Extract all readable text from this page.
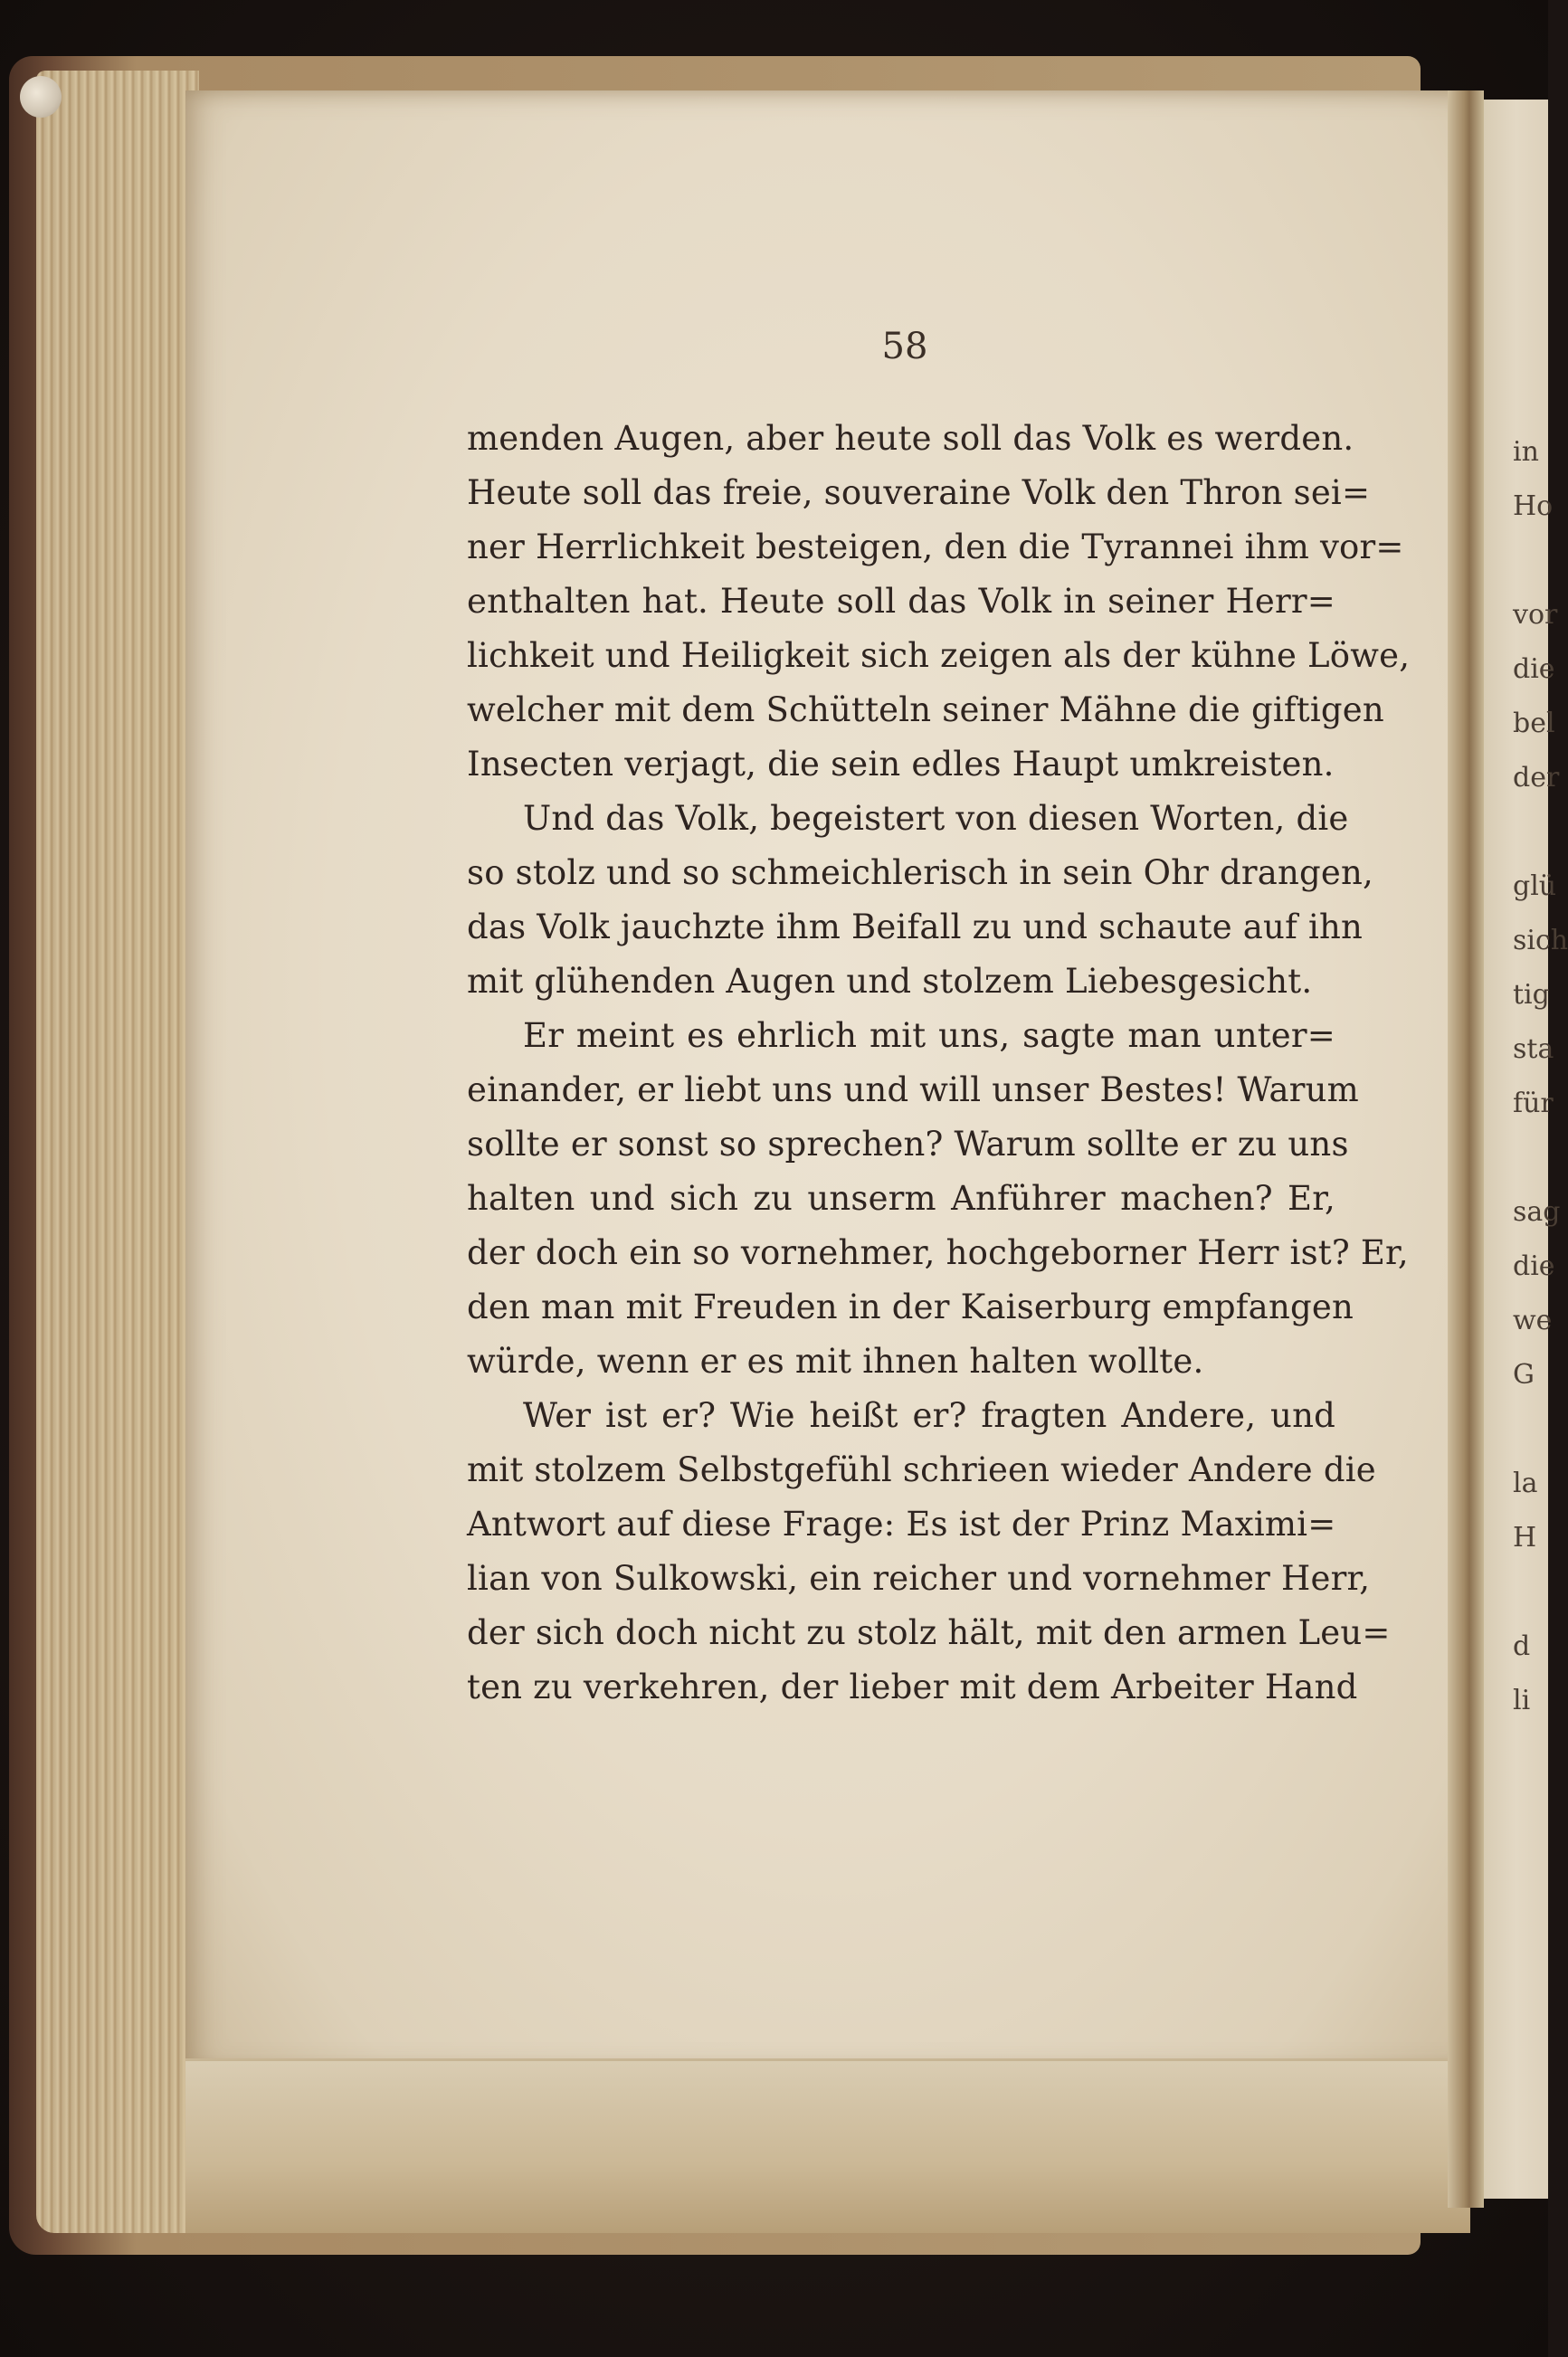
58
menden Augen, aber heute soll das Volk es werden.
Heute soll das freie, souveraine Volk den Thron sei=
ner Herrlichkeit besteigen, den die Tyrannei ihm vor=
enthalten hat. Heute soll das Volk in seiner Herr=
lichkeit und Heiligkeit sich zeigen als der kühne Löwe,
welcher mit dem Schütteln seiner Mähne die giftigen
Insecten verjagt, die sein edles Haupt umkreisten.
Und das Volk, begeistert von diesen Worten, die
so stolz und so schmeichlerisch in sein Ohr drangen,
das Volk jauchzte ihm Beifall zu und schaute auf ihn
mit glühenden Augen und stolzem Liebesgesicht.
Er meint es ehrlich mit uns, sagte man unter=
einander, er liebt uns und will unser Bestes! Warum
sollte er sonst so sprechen? Warum sollte er zu uns
halten und sich zu unserm Anführer machen? Er,
der doch ein so vornehmer, hochgeborner Herr ist? Er,
den man mit Freuden in der Kaiserburg empfangen
würde, wenn er es mit ihnen halten wollte.
Wer ist er? Wie heißt er? fragten Andere, und
mit stolzem Selbstgefühl schrieen wieder Andere die
Antwort auf diese Frage: Es ist der Prinz Maximi=
lian von Sulkowski, ein reicher und vornehmer Herr,
der sich doch nicht zu stolz hält, mit den armen Leu=
ten zu verkehren, der lieber mit dem Arbeiter Hand
in
Ho
vor
die
bel
der
glü
sich
tig
sta
für
sag
die
we
G
la
H
d
li
